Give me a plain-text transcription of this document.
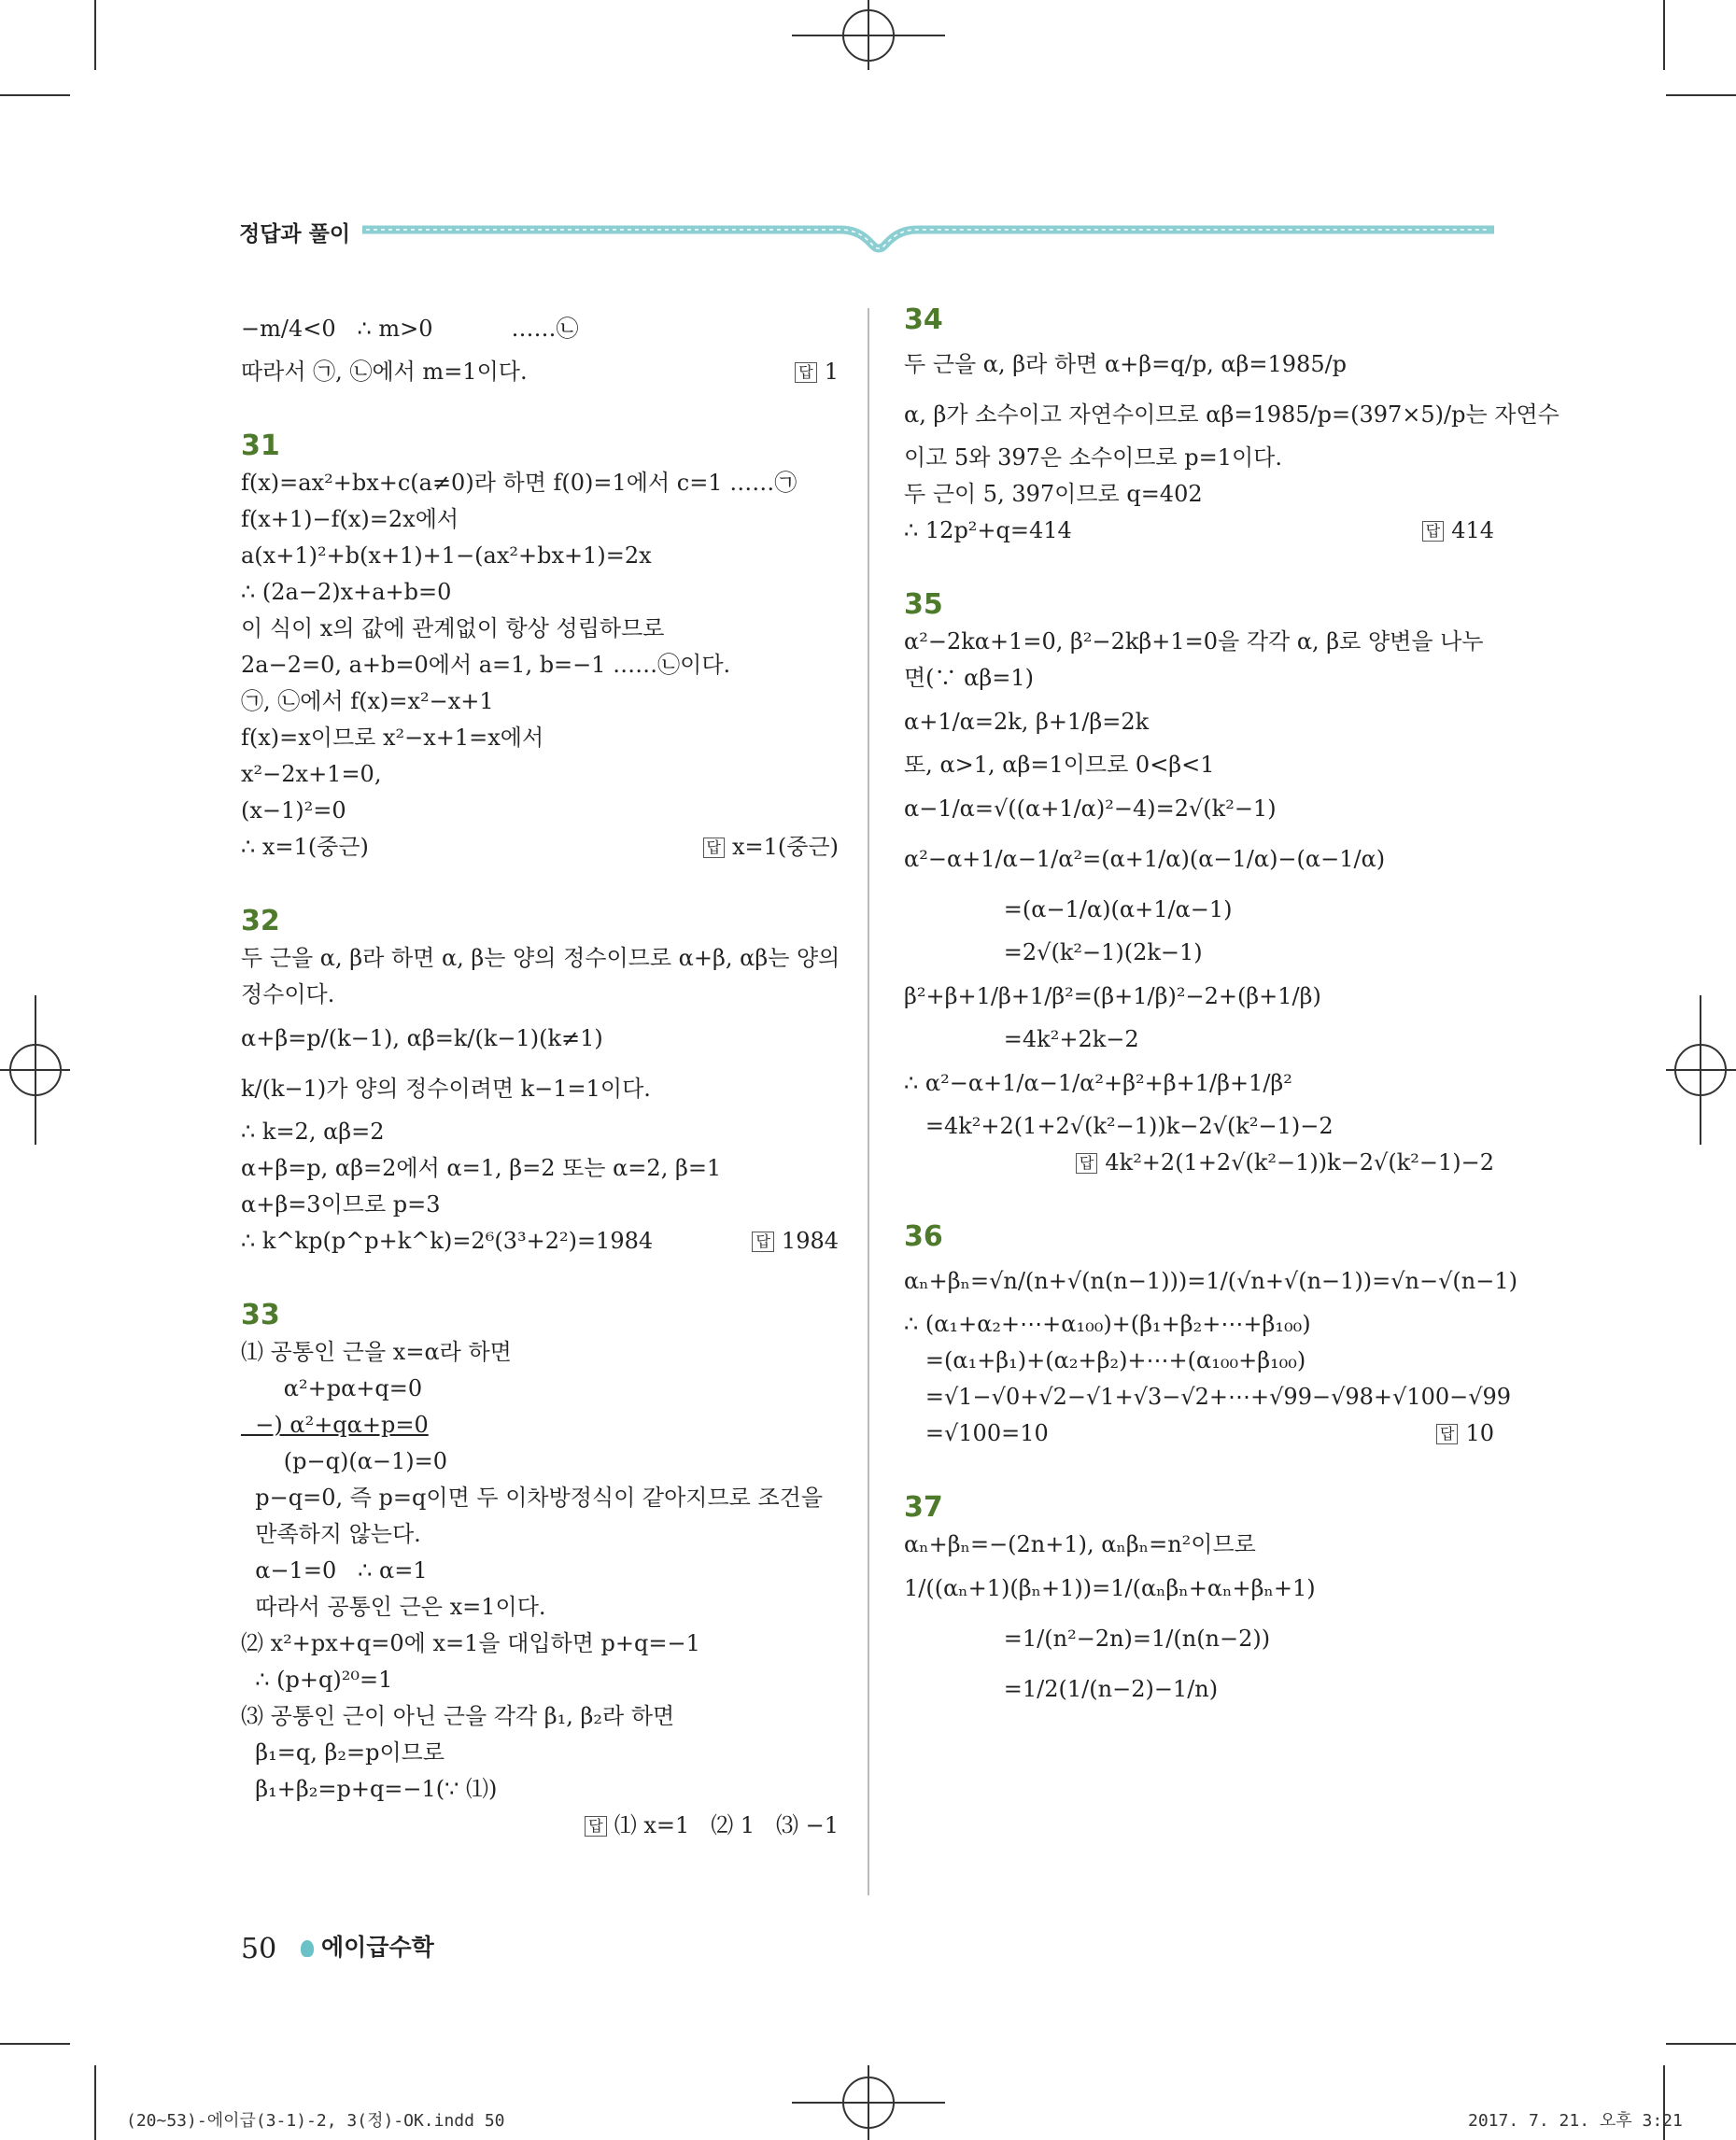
정답과 풀이
−m/4<0   ∴ m>0           ……㉡
따라서 ㉠, ㉡에서 m=1이다.	답 1
31
f(x)=ax²+bx+c(a≠0)라 하면 f(0)=1에서 c=1 ……㉠
f(x+1)−f(x)=2x에서
a(x+1)²+b(x+1)+1−(ax²+bx+1)=2x
∴ (2a−2)x+a+b=0
이 식이 x의 값에 관계없이 항상 성립하므로
2a−2=0, a+b=0에서 a=1, b=−1 ……㉡이다.
㉠, ㉡에서 f(x)=x²−x+1
f(x)=x이므로 x²−x+1=x에서
x²−2x+1=0,
(x−1)²=0
∴ x=1(중근)	답 x=1(중근)
32
두 근을 α, β라 하면 α, β는 양의 정수이므로 α+β, αβ는 양의
정수이다.
α+β=p/(k−1), αβ=k/(k−1)(k≠1)
k/(k−1)가 양의 정수이려면 k−1=1이다.
∴ k=2, αβ=2
α+β=p, αβ=2에서 α=1, β=2 또는 α=2, β=1
α+β=3이므로 p=3
∴ k^kp(p^p+k^k)=2⁶(3³+2²)=1984	답 1984
33
⑴ 공통인 근을 x=α라 하면
α²+pα+q=0
−) α²+qα+p=0
(p−q)(α−1)=0
p−q=0, 즉 p=q이면 두 이차방정식이 같아지므로 조건을
만족하지 않는다.
α−1=0   ∴ α=1
따라서 공통인 근은 x=1이다.
⑵ x²+px+q=0에 x=1을 대입하면 p+q=−1
∴ (p+q)²⁰=1
⑶ 공통인 근이 아닌 근을 각각 β₁, β₂라 하면
β₁=q, β₂=p이므로
β₁+β₂=p+q=−1(∵ ⑴)
답 ⑴ x=1   ⑵ 1   ⑶ −1
34
두 근을 α, β라 하면 α+β=q/p, αβ=1985/p
α, β가 소수이고 자연수이므로 αβ=1985/p=(397×5)/p는 자연수
이고 5와 397은 소수이므로 p=1이다.
두 근이 5, 397이므로 q=402
∴ 12p²+q=414	답 414
35
α²−2kα+1=0, β²−2kβ+1=0을 각각 α, β로 양변을 나누
면(∵ αβ=1)
α+1/α=2k, β+1/β=2k
또, α>1, αβ=1이므로 0<β<1
α−1/α=√((α+1/α)²−4)=2√(k²−1)
α²−α+1/α−1/α²=(α+1/α)(α−1/α)−(α−1/α)
=(α−1/α)(α+1/α−1)
=2√(k²−1)(2k−1)
β²+β+1/β+1/β²=(β+1/β)²−2+(β+1/β)
=4k²+2k−2
∴ α²−α+1/α−1/α²+β²+β+1/β+1/β²
=4k²+2(1+2√(k²−1))k−2√(k²−1)−2
답 4k²+2(1+2√(k²−1))k−2√(k²−1)−2
36
αₙ+βₙ=√n/(n+√(n(n−1)))=1/(√n+√(n−1))=√n−√(n−1)
∴ (α₁+α₂+⋯+α₁₀₀)+(β₁+β₂+⋯+β₁₀₀)
=(α₁+β₁)+(α₂+β₂)+⋯+(α₁₀₀+β₁₀₀)
=√1−√0+√2−√1+√3−√2+⋯+√99−√98+√100−√99
=√100=10	답 10
37
αₙ+βₙ=−(2n+1), αₙβₙ=n²이므로
1/((αₙ+1)(βₙ+1))=1/(αₙβₙ+αₙ+βₙ+1)
=1/(n²−2n)=1/(n(n−2))
=1/2(1/(n−2)−1/n)
50	에이급수학
(20~53)-에이급(3-1)-2, 3(정)-OK.indd 50	2017. 7. 21. 오후 3:21
